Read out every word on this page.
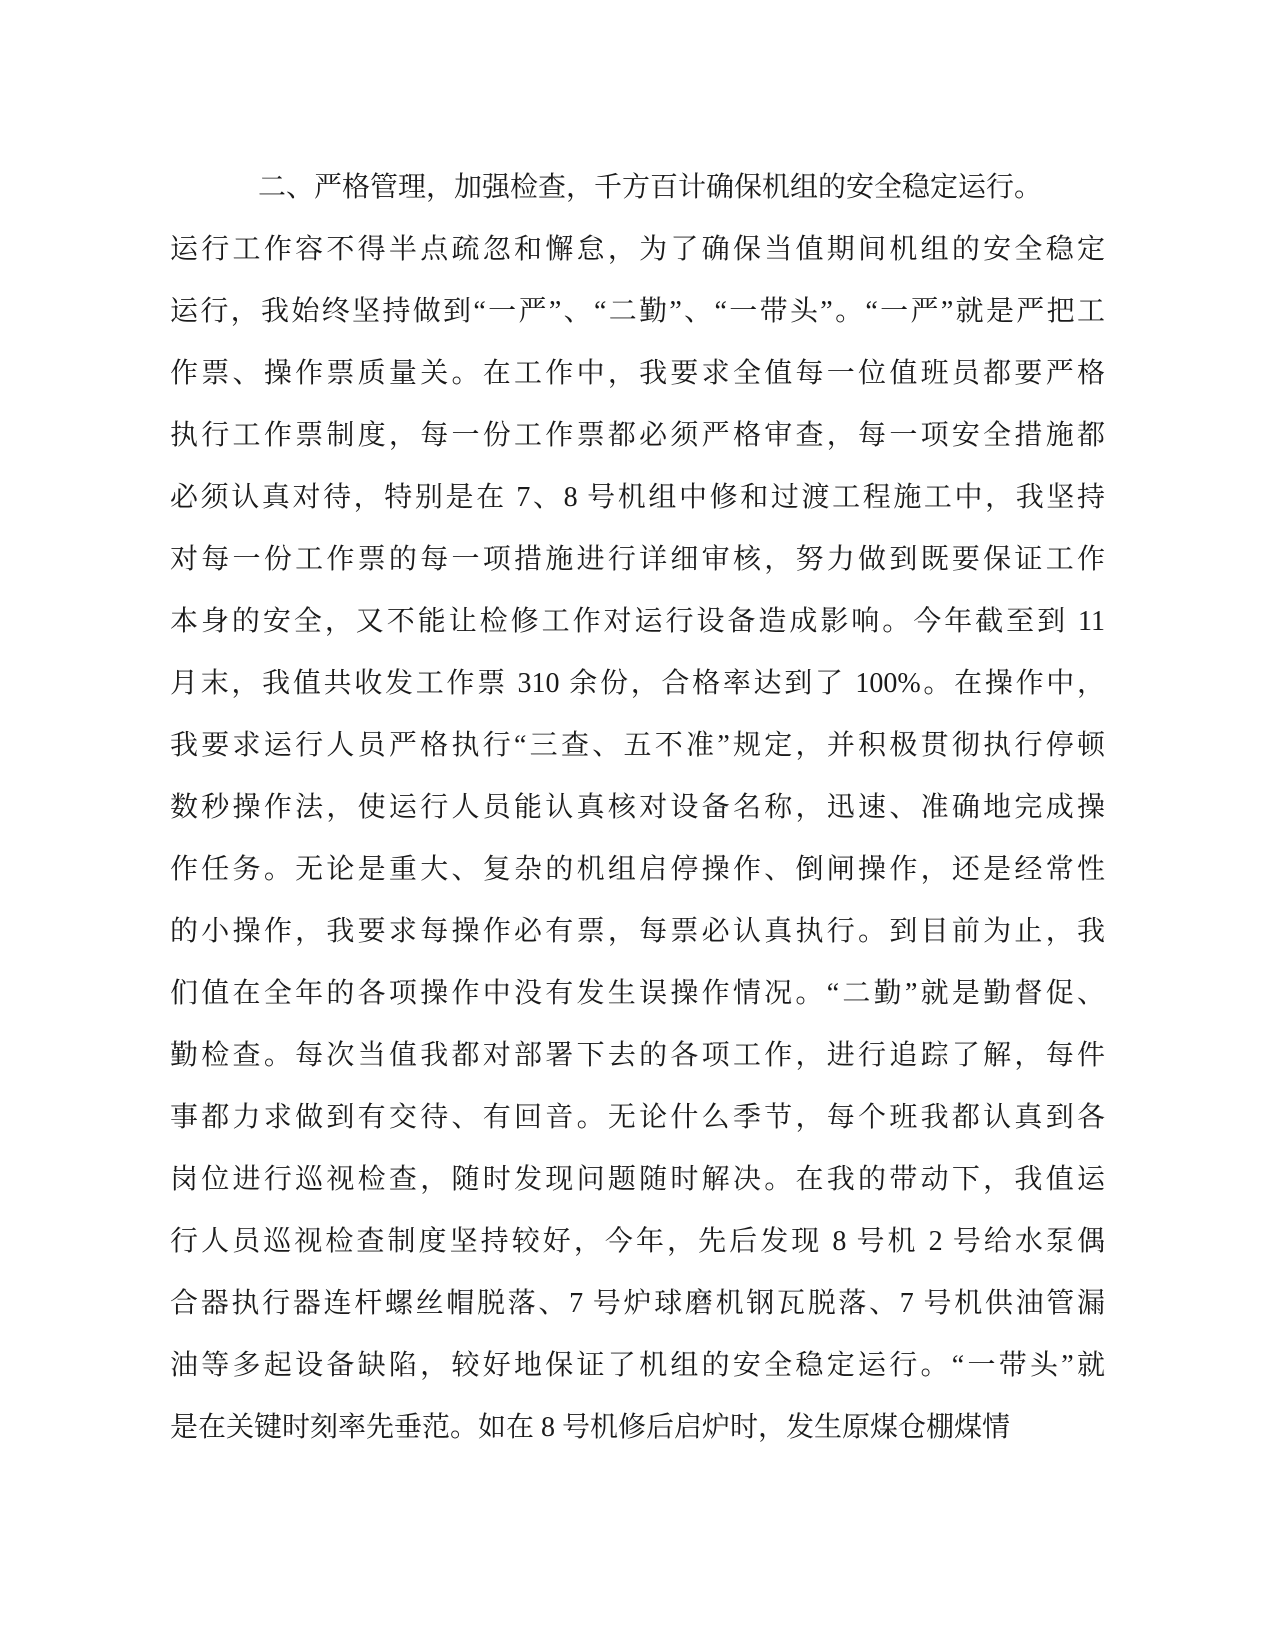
二、严格管理，加强检查，千方百计确保机组的安全稳定运行。
运行工作容不得半点疏忽和懈怠，为了确保当值期间机组的安全稳定
运行，我始终坚持做到“一严”、“二勤”、“一带头”。“一严”就是严把工
作票、操作票质量关。在工作中，我要求全值每一位值班员都要严格
执行工作票制度，每一份工作票都必须严格审查，每一项安全措施都
必须认真对待，特别是在 7、8 号机组中修和过渡工程施工中，我坚持
对每一份工作票的每一项措施进行详细审核，努力做到既要保证工作
本身的安全，又不能让检修工作对运行设备造成影响。今年截至到 11
月末，我值共收发工作票 310 余份，合格率达到了 100%。在操作中，
我要求运行人员严格执行“三查、五不准”规定，并积极贯彻执行停顿
数秒操作法，使运行人员能认真核对设备名称，迅速、准确地完成操
作任务。无论是重大、复杂的机组启停操作、倒闸操作，还是经常性
的小操作，我要求每操作必有票，每票必认真执行。到目前为止，我
们值在全年的各项操作中没有发生误操作情况。“二勤”就是勤督促、
勤检查。每次当值我都对部署下去的各项工作，进行追踪了解，每件
事都力求做到有交待、有回音。无论什么季节，每个班我都认真到各
岗位进行巡视检查，随时发现问题随时解决。在我的带动下，我值运
行人员巡视检查制度坚持较好，今年，先后发现 8 号机 2 号给水泵偶
合器执行器连杆螺丝帽脱落、7 号炉球磨机钢瓦脱落、7 号机供油管漏
油等多起设备缺陷，较好地保证了机组的安全稳定运行。“一带头”就
是在关键时刻率先垂范。如在 8 号机修后启炉时，发生原煤仓棚煤情
